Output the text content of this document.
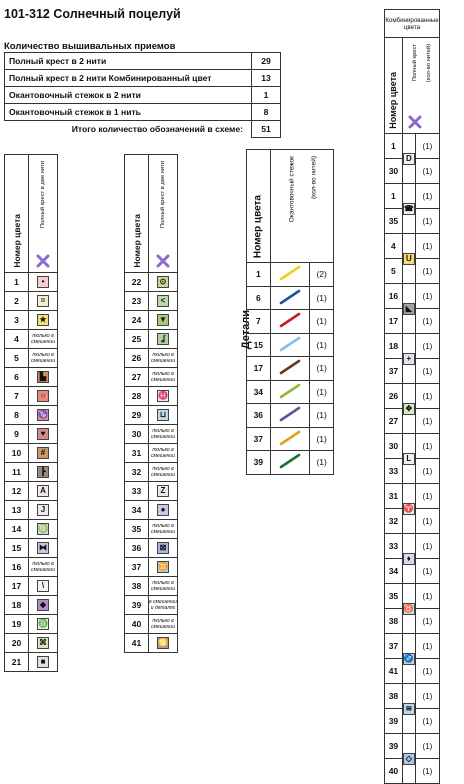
101-312 Солнечный поцелуй
Количество вышивальных приемов
Полный крест в 2 нити	29
Полный крест в 2 нити Комбинированный цвет	13
Окантовочный стежок в 2 нити	1
Окантовочный стежок в 1 нить	8
Итого количество обозначений в схеме:	51
Номер цвета	Полный крест в две нити

1	•
2	=
3	★
4	только в смешении
5	только в смешении
6	▙
7	○
8	♑
9	♥
10	#
11	┣
12	A
13	J
14	♍
15	⧓
16	только в смешении
17	\
18	◆
19	♎
20	⌘
21	■
Номер цвета	Полный крест в две нити

22	⊙
23	<
24	▼
25	ʆ
26	только в смешении
27	только в смешении
28	♓
29	⊔
30	только в смешении
31	только в смешении
32	только в смешении
33	Z
34	●
35	только в смешении
36	⊠
37	♊
38	только в смешении
39	в смешении и деталях
40	только в смешении
41	♋
Детали
Номер цвета	Окантовочный стежок (кол-во нитей)	

1		(2)
6		(1)
7		(1)
15		(1)
17		(1)
34		(1)
36		(1)
37		(1)
39		(1)
Комбинированные цвета		

Номер цвета	Полный крест (кол-во нитей)	

1	D	(1)
30		(1)
1	☎	(1)
35		(1)
4	ᑌ	(1)
5		(1)
16	◣	(1)
17		(1)
18	+	(1)
37		(1)
26	✥	(1)
27		(1)
30	L	(1)
33		(1)
31	♈	(1)
32		(1)
33	♦	(1)
34		(1)
35	♉	(1)
38		(1)
37	♐	(1)
41		(1)
38	≋	(1)
39		(1)
39	◇	(1)
40		(1)
